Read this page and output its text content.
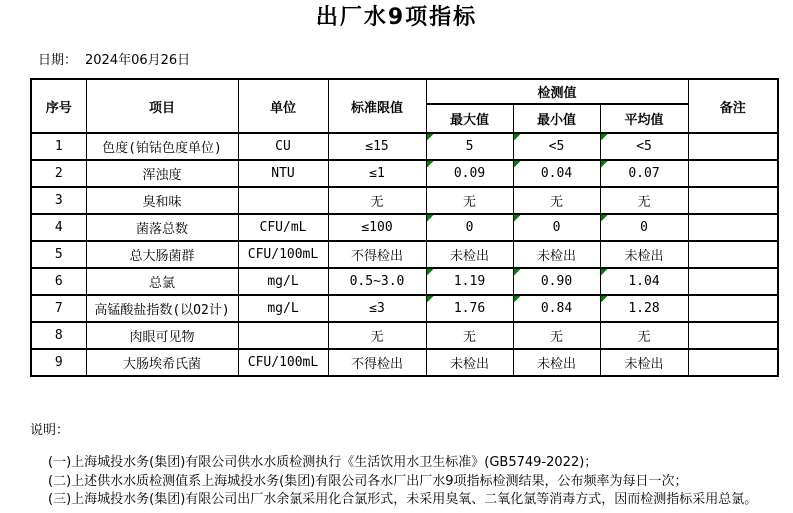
出厂水9项指标
日期： 2024年06月26日
序号	项目	单位	标准限值	检测值			备注
				最大值	最小值	平均值	
1	色度(铂钴色度单位)	CU	≤15	5	<5	<5

2	浑浊度	NTU	≤1	0.09	0.04	0.07

3	臭和味		无	无	无	无	
4	菌落总数	CFU/mL	≤100	0	0	0

5	总大肠菌群	CFU/100mL	不得检出	未检出	未检出	未检出	
6	总氯	mg/L	0.5~3.0	1.19	0.90	1.04

7	高锰酸盐指数(以O2计)	mg/L	≤3	1.76	0.84	1.28

8	肉眼可见物		无	无	无	无	
9	大肠埃希氏菌	CFU/100mL	不得检出	未检出	未检出	未检出	
说明：
(一)上海城投水务(集团)有限公司供水水质检测执行《生活饮用水卫生标准》(GB5749-2022)；
(二)上述供水水质检测值系上海城投水务(集团)有限公司各水厂出厂水9项指标检测结果，公布频率为每日一次；
(三)上海城投水务(集团)有限公司出厂水余氯采用化合氯形式，未采用臭氧、二氧化氯等消毒方式，因而检测指标采用总氯。
